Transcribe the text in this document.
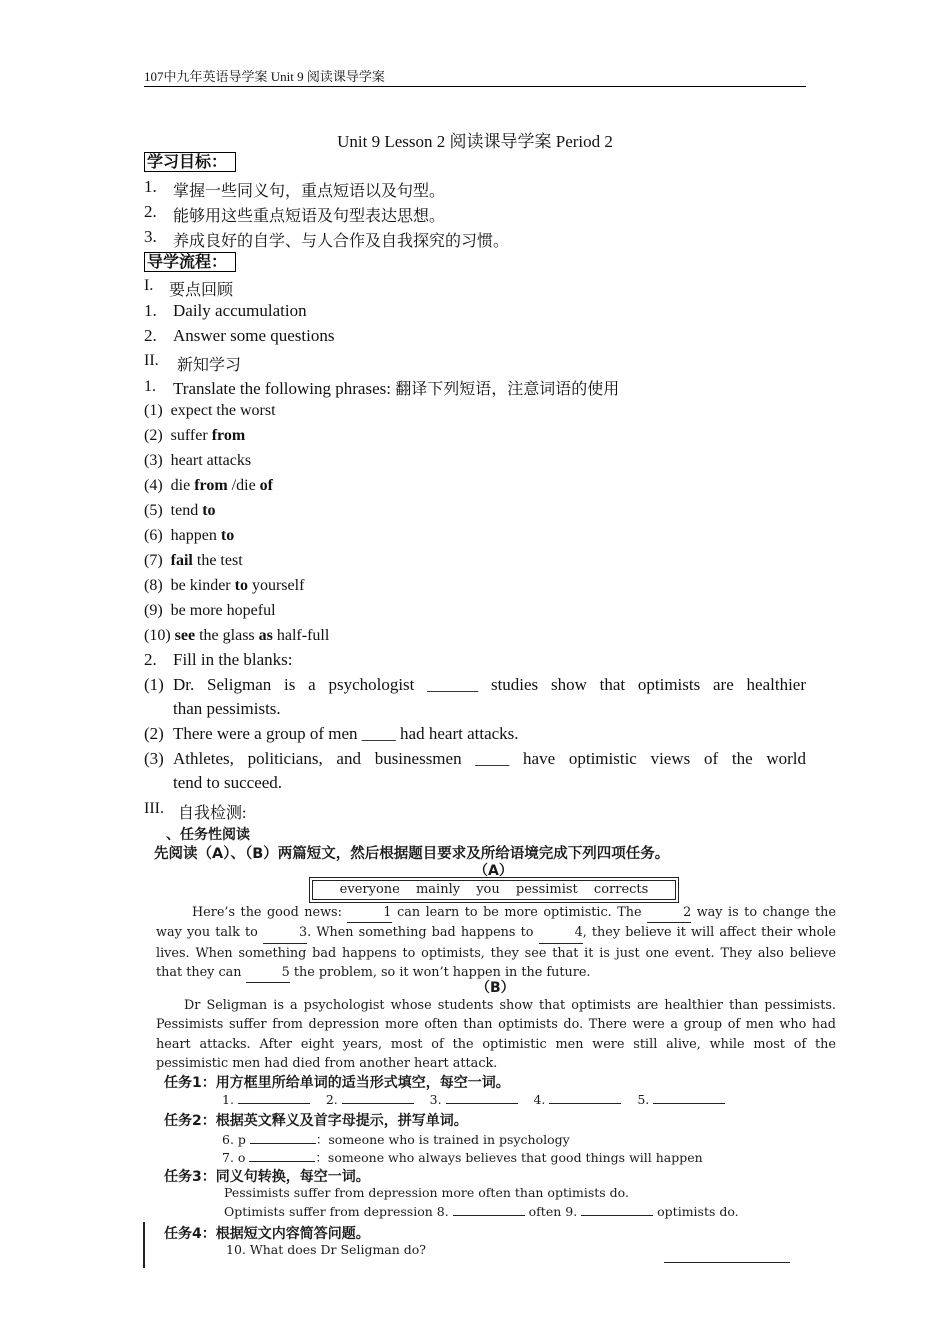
107中九年英语导学案 Unit 9 阅读课导学案
Unit 9 Lesson 2 阅读课导学案 Period 2
学习目标：
1. 掌握一些同义句，重点短语以及句型。
2. 能够用这些重点短语及句型表达思想。
3. 养成良好的自学、与人合作及自我探究的习惯。
导学流程：
I. 要点回顾
1. Daily accumulation
2. Answer some questions
II. 新知学习
1. Translate the following phrases: 翻译下列短语，注意词语的使用
(1) expect the worst
(2) suffer from
(3) heart attacks
(4) die from /die of
(5) tend to
(6) happen to
(7) fail the test
(8) be kinder to yourself
(9) be more hopeful
(10) see the glass as half-full
2. Fill in the blanks:
(1) Dr. Seligman is a psychologist ______ studies show that optimists are healthier
than pessimists.
(2) There were a group of men ____ had heart attacks.
(3) Athletes, politicians, and businessmen ____ have optimistic views of the world
tend to succeed.
III. 自我检测:
、任务性阅读
先阅读（A）、（B）两篇短文，然后根据题目要求及所给语境完成下列四项任务。
（A）
everyone mainly you pessimist corrects
Here’s the good news:	1 can learn to be more optimistic. The	2 way is to change the way you talk to	3. When something bad happens to	4, they believe it will affect their whole lives. When something bad happens to optimists, they see that it is just one event. They also believe that they can	5 the problem, so it won’t happen in the future.
（B）
Dr Seligman is a psychologist whose students show that optimists are healthier than pessimists. Pessimists suffer from depression more often than optimists do. There were a group of men who had heart attacks. After eight years, most of the optimistic men were still alive, while most of the pessimistic men had died from another heart attack.
任务1：用方框里所给单词的适当形式填空，每空一词。
1.	2.	3.	4.	5.
任务2：根据英文释义及首字母提示，拼写单词。
6. p	：someone who is trained in psychology
7. o	：someone who always believes that good things will happen
任务3：同义句转换，每空一词。
Pessimists suffer from depression more often than optimists do.
Optimists suffer from depression 8.	often 9.	optimists do.
任务4：根据短文内容简答问题。
10. What does Dr Seligman do?
